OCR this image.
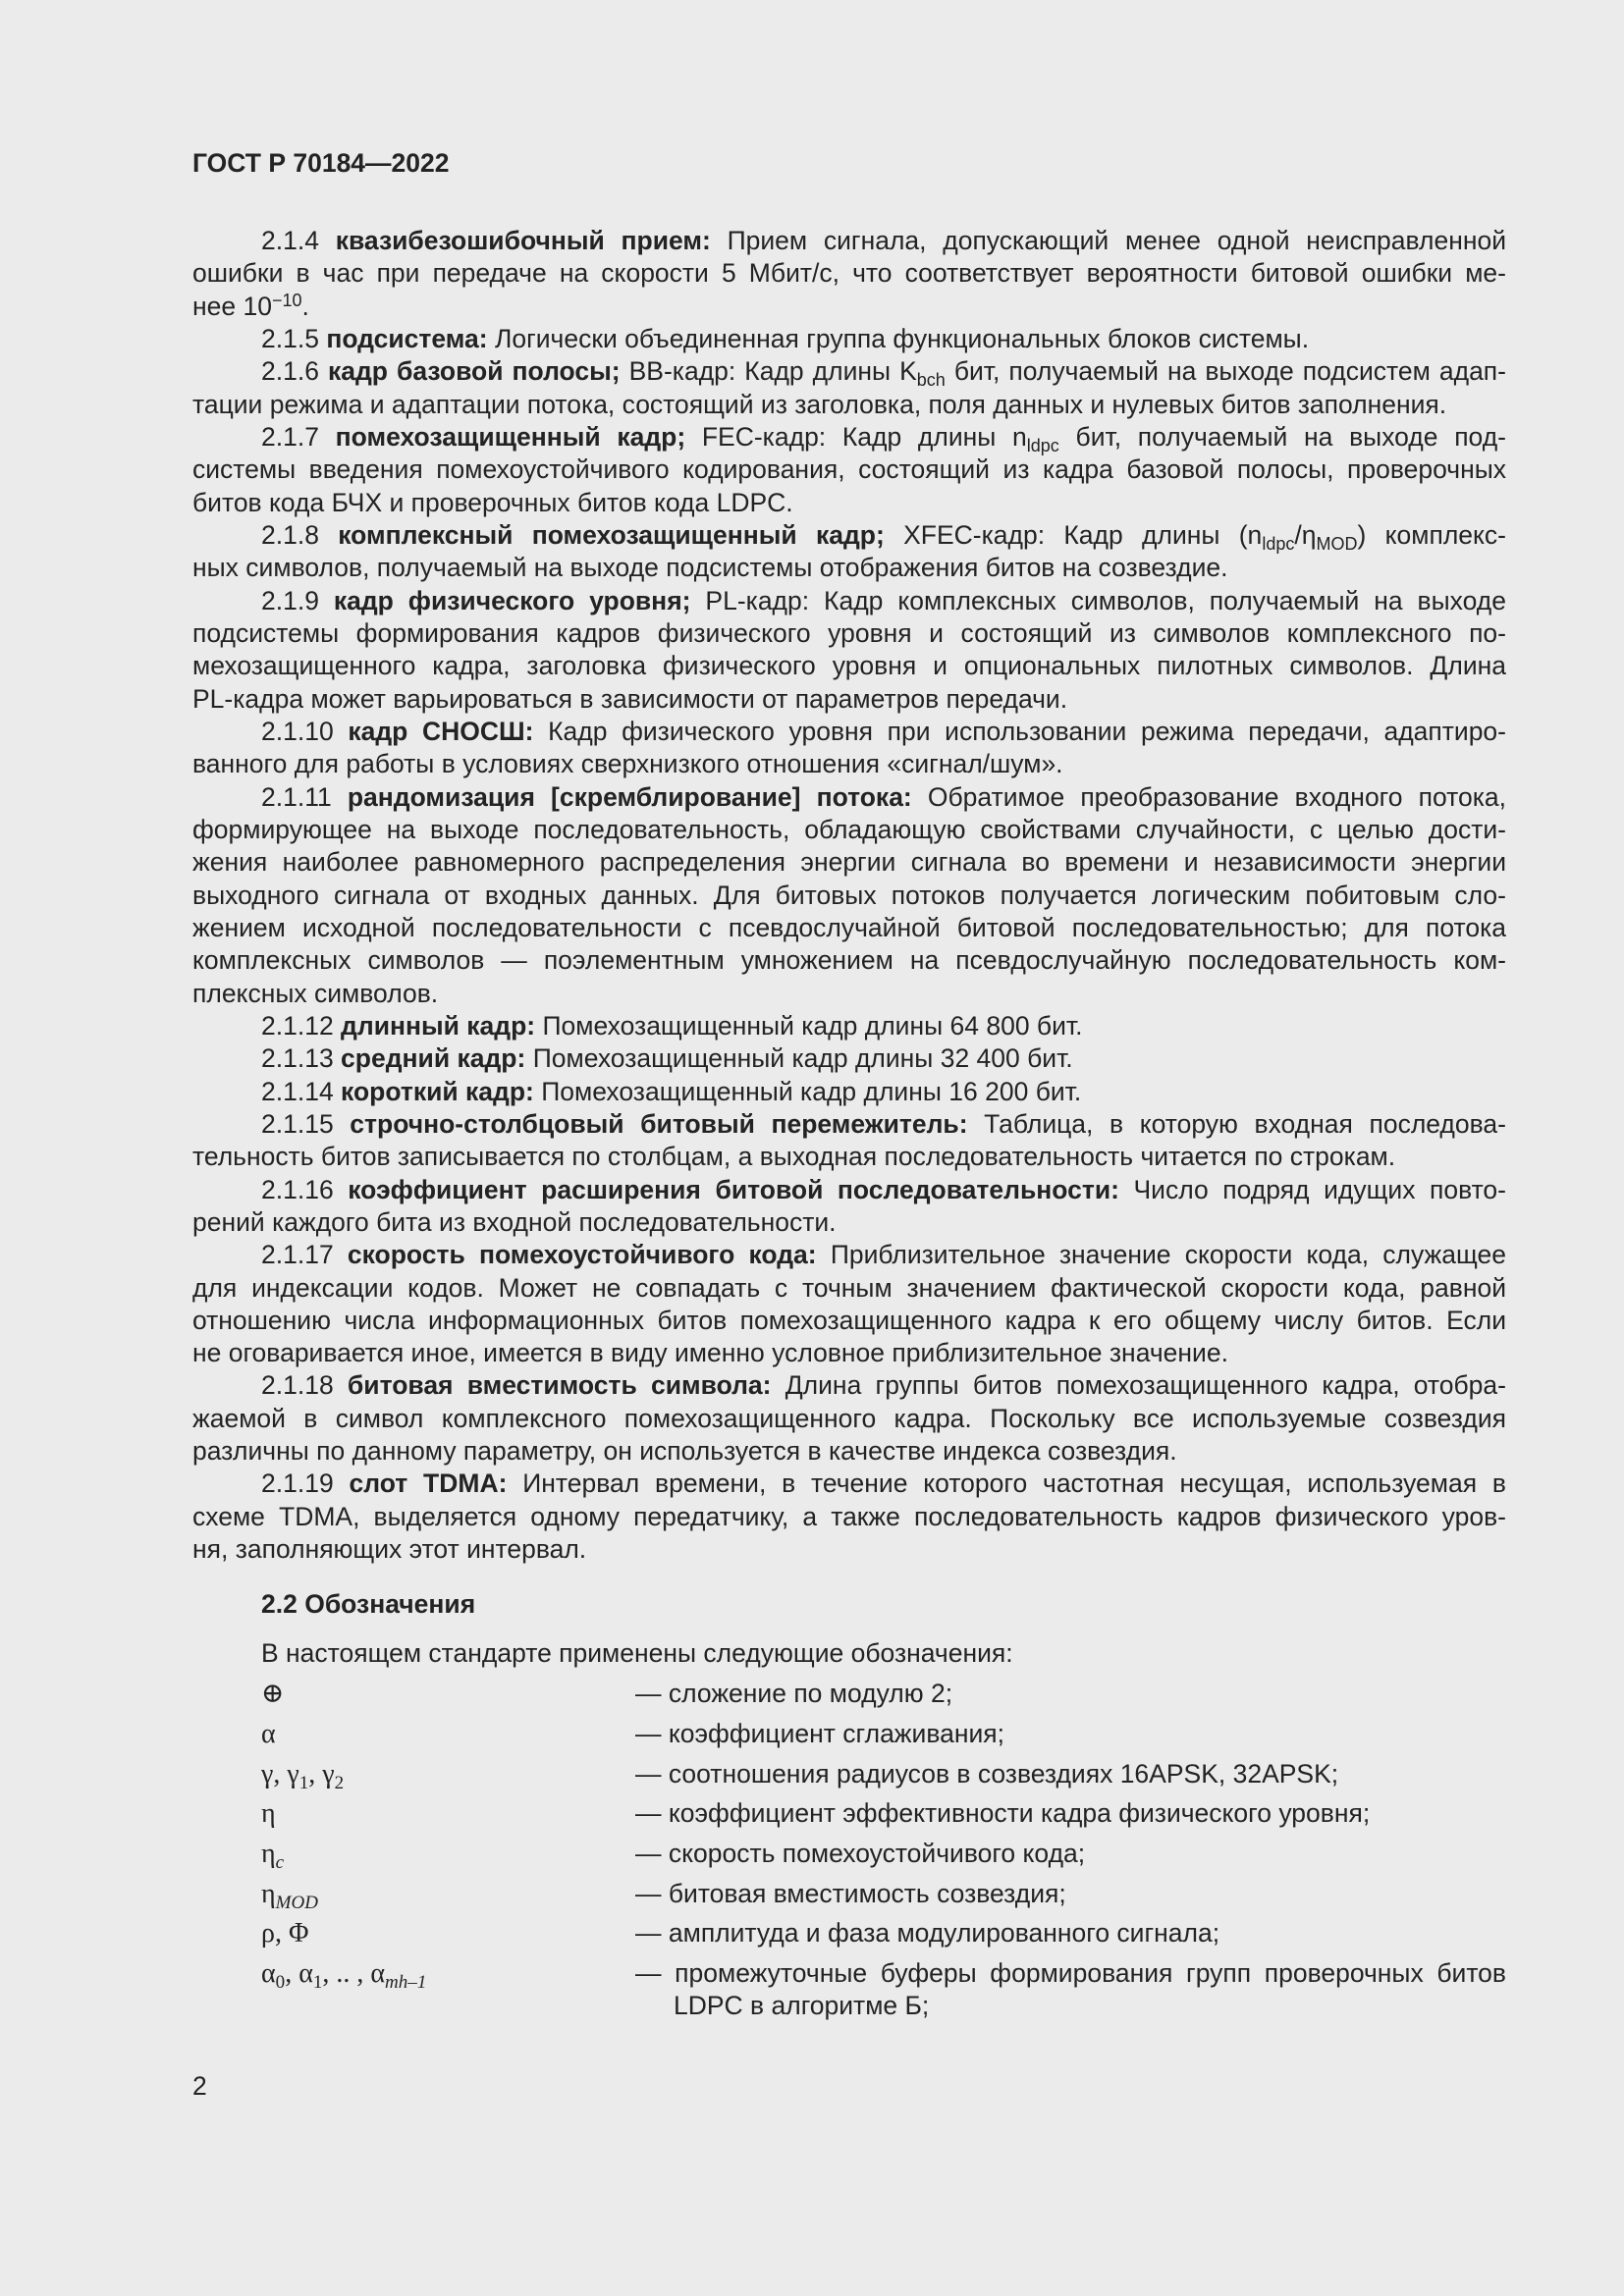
ГОСТ Р 70184—2022
2.1.4 квазибезошибочный прием: Прием сигнала, допускающий менее одной неисправленной
ошибки в час при передаче на скорости 5 Мбит/с, что соответствует вероятности битовой ошибки ме-
нее $10^{-10}$.
2.1.5 подсистема: Логически объединенная группа функциональных блоков системы.
2.1.6 кадр базовой полосы; BB-кадр: Кадр длины $K_{bch}$ бит, получаемый на выходе подсистем адап-
тации режима и адаптации потока, состоящий из заголовка, поля данных и нулевых битов заполнения.
2.1.7 помехозащищенный кадр; FEC-кадр: Кадр длины $n_{ldpc}$ бит, получаемый на выходе под-
системы введения помехоустойчивого кодирования, состоящий из кадра базовой полосы, проверочных
битов кода БЧХ и проверочных битов кода LDPC.
2.1.8 комплексный помехозащищенный кадр; XFEC-кадр: Кадр длины $(n_{ldpc}/\eta_{MOD})$ комплекс-
ных символов, получаемый на выходе подсистемы отображения битов на созвездие.
2.1.9 кадр физического уровня; PL-кадр: Кадр комплексных символов, получаемый на выходе
подсистемы формирования кадров физического уровня и состоящий из символов комплексного по-
мехозащищенного кадра, заголовка физического уровня и опциональных пилотных символов. Длина
PL-кадра может варьироваться в зависимости от параметров передачи.
2.1.10 кадр СНОСШ: Кадр физического уровня при использовании режима передачи, адаптиро-
ванного для работы в условиях сверхнизкого отношения «сигнал/шум».
2.1.11 рандомизация [скремблирование] потока: Обратимое преобразование входного потока,
формирующее на выходе последовательность, обладающую свойствами случайности, с целью дости-
жения наиболее равномерного распределения энергии сигнала во времени и независимости энергии
выходного сигнала от входных данных. Для битовых потоков получается логическим побитовым сло-
жением исходной последовательности с псевдослучайной битовой последовательностью; для потока
комплексных символов — поэлементным умножением на псевдослучайную последовательность ком-
плексных символов.
2.1.12 длинный кадр: Помехозащищенный кадр длины 64 800 бит.
2.1.13 средний кадр: Помехозащищенный кадр длины 32 400 бит.
2.1.14 короткий кадр: Помехозащищенный кадр длины 16 200 бит.
2.1.15 строчно-столбцовый битовый перемежитель: Таблица, в которую входная последова-
тельность битов записывается по столбцам, а выходная последовательность читается по строкам.
2.1.16 коэффициент расширения битовой последовательности: Число подряд идущих повто-
рений каждого бита из входной последовательности.
2.1.17 скорость помехоустойчивого кода: Приблизительное значение скорости кода, служащее
для индексации кодов. Может не совпадать с точным значением фактической скорости кода, равной
отношению числа информационных битов помехозащищенного кадра к его общему числу битов. Если
не оговаривается иное, имеется в виду именно условное приблизительное значение.
2.1.18 битовая вместимость символа: Длина группы битов помехозащищенного кадра, отобра-
жаемой в символ комплексного помехозащищенного кадра. Поскольку все используемые созвездия
различны по данному параметру, он используется в качестве индекса созвездия.
2.1.19 слот TDMA: Интервал времени, в течение которого частотная несущая, используемая в
схеме TDMA, выделяется одному передатчику, а также последовательность кадров физического уров-
ня, заполняющих этот интервал.
2.2 Обозначения
В настоящем стандарте применены следующие обозначения:
⊕	— сложение по модулю 2;
α	— коэффициент сглаживания;
γ, $\gamma_1$, $\gamma_2$	— соотношения радиусов в созвездиях 16APSK, 32APSK;
η	— коэффициент эффективности кадра физического уровня;
$\eta_c$	— скорость помехоустойчивого кода;
$\eta_{MOD}$	— битовая вместимость созвездия;
ρ, Φ	— амплитуда и фаза модулированного сигнала;
$\alpha_0$, $\alpha_1$, .. , $\alpha_{mh-1}$	— промежуточные буферы формирования групп проверочных битов
LDPC в алгоритме Б;
2
